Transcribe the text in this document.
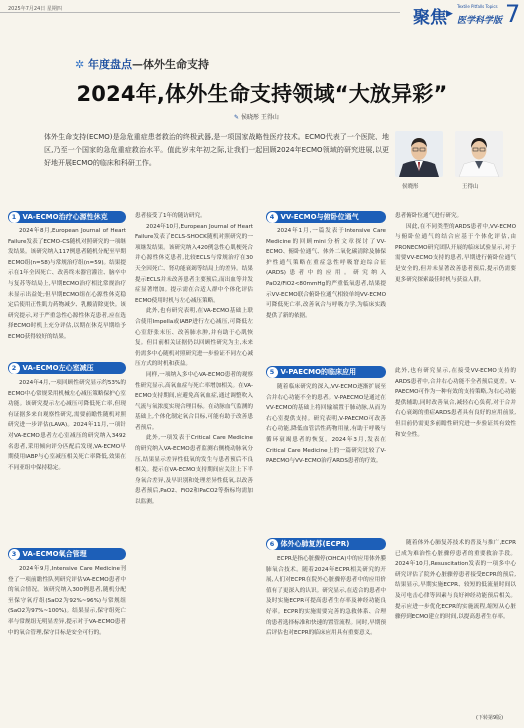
2025年7月24日 星期四	聚焦 ▶
Textile Pitfalls Topics
医学科学版 7
✲ 年度盘点—体外生命支持
2024年,体外生命支持领域“大放异彩”
✎ 侯晓彤 王得山
体外生命支持(ECMO)是急危重症患者救治的终极武器,是一项国家战略性医疗技术。ECMO代表了一个医院、地区,乃至一个国家的急危重症救治水平。值此岁末年初之际,让我们一起回顾2024年ECMO领域的研究进展,以更好地开展ECMO的临床和科研工作。
侯晓彤	王得山
1 VA-ECMO治疗心源性休克

2024年8月,European Journal of Heart Failure发表了ECMO-CS随机对照研究的一项继发结果。该研究纳入117例患者随机分配至早期ECMO组(n=58)与常规治疗组(n=59)。结果提示在1年全因死亡、改善终末器官灌注、脑卒中与复苏等结局上,早期ECMO治疗相比常规治疗未显示出益处;但早期ECMO组在心源性休克稳定后使用正性肌力药物减少、乳酸清除更快。该研究提示,对于严重急性心源性休克患者,应在选择ECMO时机上充分评估,以期在休克早期给予ECMO获得较好的结果。

2 VA-ECMO左心室减压

2024年4月,一项回顾性研究显示约53%的ECMO中心常规采用机械左心减压策略保护心室功能。该研究提示左心减压可降低死亡率,但现有证据多来自观察性研究,需要前瞻性随机对照研究进一步评估(LAVA)。2024年11月,一项针对VA-ECMO患者左心室减压的研究纳入3492名患者,采用倾向评分匹配后发现,VA-ECMO早期使用IABP与心室减压相关死亡率降低,效果在不同亚组中保持稳定。

3 VA-ECMO氧合管理

2024年9月,Intensive Care Medicine刊登了一项前瞻性队列研究评估VA-ECMO患者中的氧合情况。该研究纳入300例患者,随机分配至保守氧疗组(SaO2为92%~96%)与常规组(SaO2为97%~100%)。结果显示,保守组死亡率与常规组无明显差异,提示对于VA-ECMO患者中的氧合管理,保守目标是安全可行的。

患者接受了1年的随访研究。

2024年10月,European Journal of Heart Failure发表了ECLS-SHOCK随机对照研究的一项继发结果。该研究纳入420例急性心肌梗死合并心源性休克患者,比较ECLS与常规治疗在30天全因死亡、肾功能衰竭等结局上的差异。结果提示ECLS并未改善患者主要预后,而出血等并发症显著增加。提示需在合适人群中个体化评估ECMO使用时机与左心减压策略。

此外,也有研究表明,在VA-ECMO基础上联合使用Impella或IABP进行左心减压,可降低左心室舒张末压、改善肺水肿,并有助于心肌恢复。但目前相关证据仍以回顾性研究为主,未来仍需多中心随机对照研究进一步验证不同左心减压方式的时机和获益。

同样,一项纳入多中心VA-ECMO患者的观察性研究显示,高氧血症与死亡率增加相关。在VA-ECMO支持期间,应避免高氧血症,通过调整吹入气流与氧浓度实现合理目标。在动脉血气监测的基础上,个体化制定氧合目标,可能有助于改善患者预后。

此外,一项发表于Critical Care Medicine的研究纳入VA-ECMO患者监测右侧桡动脉氧分压,结果显示差异性低氧的发生与患者预后不良相关。提示在VA-ECMO支持期间应关注上下半身氧合差异,及早识别和处理差异性低氧,以改善患者预后,PaO2、FiO2和PaCO2等指标均需加以监测。

4 VV-ECMO与俯卧位通气

2024年1月,一篇发表于Intensive Care Medicine的回顾mini分析文章探讨了VV-ECMO、俯卧位通气、体外二氧化碳清除及肺保护性通气策略在重症急性呼吸窘迫综合征(ARDS)患者中的应用。研究纳入PaO2/FiO2<80mmHg的严重低氧患者,结果提示VV-ECMO联合俯卧位通气相较单纯VV-ECMO可降低死亡率,改善氧合与呼吸力学,为临床实践提供了新的依据。

5 V-PAECMO的临床应用

随着临床研究的深入,VV-ECMO逐渐扩展至合并右心功能不全的患者。V-PAECMO是通过在VV-ECMO的基础上将回输端置于肺动脉,从而为右心室提供支持。研究表明,V-PAECMO可改善右心功能,降低血管活性药物用量,有助于呼吸与循环衰竭患者的恢复。2024年3月,发表在Critical Care Medicine上的一篇研究比较了V-PAECMO与VV-ECMO治疗ARDS患者的疗效。

6 体外心肺复苏(ECPR)

ECPR是指心脏骤停(OHCA)中的应用体外膜肺氧合技术。随着2024年ECPR相关研究的开展,人们对ECPR在院外心脏骤停患者中的应用价值有了更深入的认识。研究显示,在适合的患者中及时实施ECPR可提高患者生存率及神经功能良好率。ECPR的实施需要完善的急救体系、合理的患者选择标准和快速的置管流程。同时,早期预后评估也对ECPR的临床应用具有重要意义。

患者俯卧位通气进行研究。

因此,在不同类型的ARDS患者中,VV-ECMO与俯卧位通气的结合应基于个体化评估,由PRONECMO研究团队开展的临床试验显示,对于需要VV-ECMO支持的患者,早期进行俯卧位通气是安全的,但并未显著改善患者预后,提示仍需要更多研究探索最佳时机与获益人群。

此外,也有研究显示,在接受VV-ECMO支持的ARDS患者中,合并右心功能不全者预后更差。V-PAECMO可作为一种有效的支持策略,为右心功能提供辅助,同时改善氧合,减轻右心负荷,对于合并右心衰竭的重症ARDS患者具有良好的应用前景,但目前仍需更多前瞻性研究进一步验证其有效性和安全性。

随着体外心肺复苏技术的普及与推广,ECPR已成为难治性心脏骤停患者的重要救治手段。2024年10月,Resuscitation发表的一项多中心研究评估了院外心脏骤停患者接受ECPR的预后,结果显示,早期实施ECPR、较短的低流量时间以及可电击心律等因素与良好神经功能预后相关。提示应进一步优化ECPR的实施流程,缩短从心脏骤停到ECMO建立的时间,以提高患者生存率。

(下转第9版)
